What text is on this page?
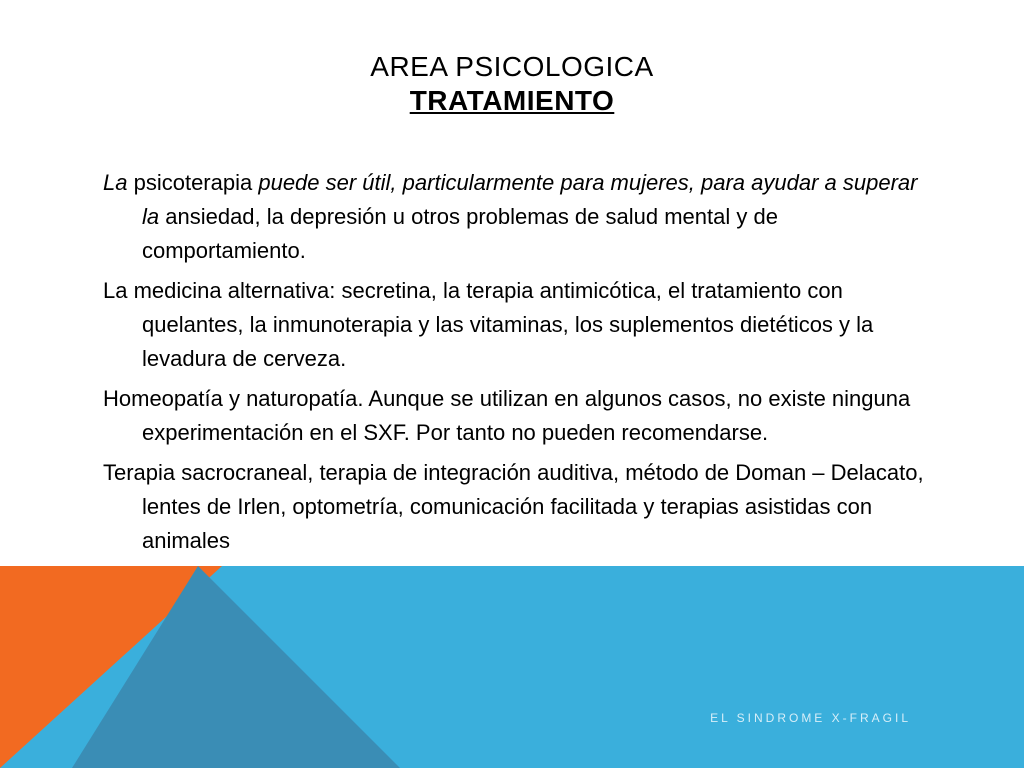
AREA PSICOLOGICA
TRATAMIENTO

La psicoterapia puede ser útil, particularmente para mujeres, para ayudar a superar la ansiedad, la depresión u otros problemas de salud mental y de comportamiento.

La medicina alternativa: secretina, la terapia antimicótica, el tratamiento con quelantes, la inmunoterapia y las vitaminas, los suplementos dietéticos y la levadura de cerveza.

Homeopatía y naturopatía. Aunque se utilizan en algunos casos, no existe ninguna experimentación en el SXF. Por tanto no pueden recomendarse.

Terapia sacrocraneal, terapia de integración auditiva, método de Doman – Delacato, lentes de Irlen, optometría, comunicación facilitada y terapias asistidas con animales

EL SINDROME X-FRAGIL
